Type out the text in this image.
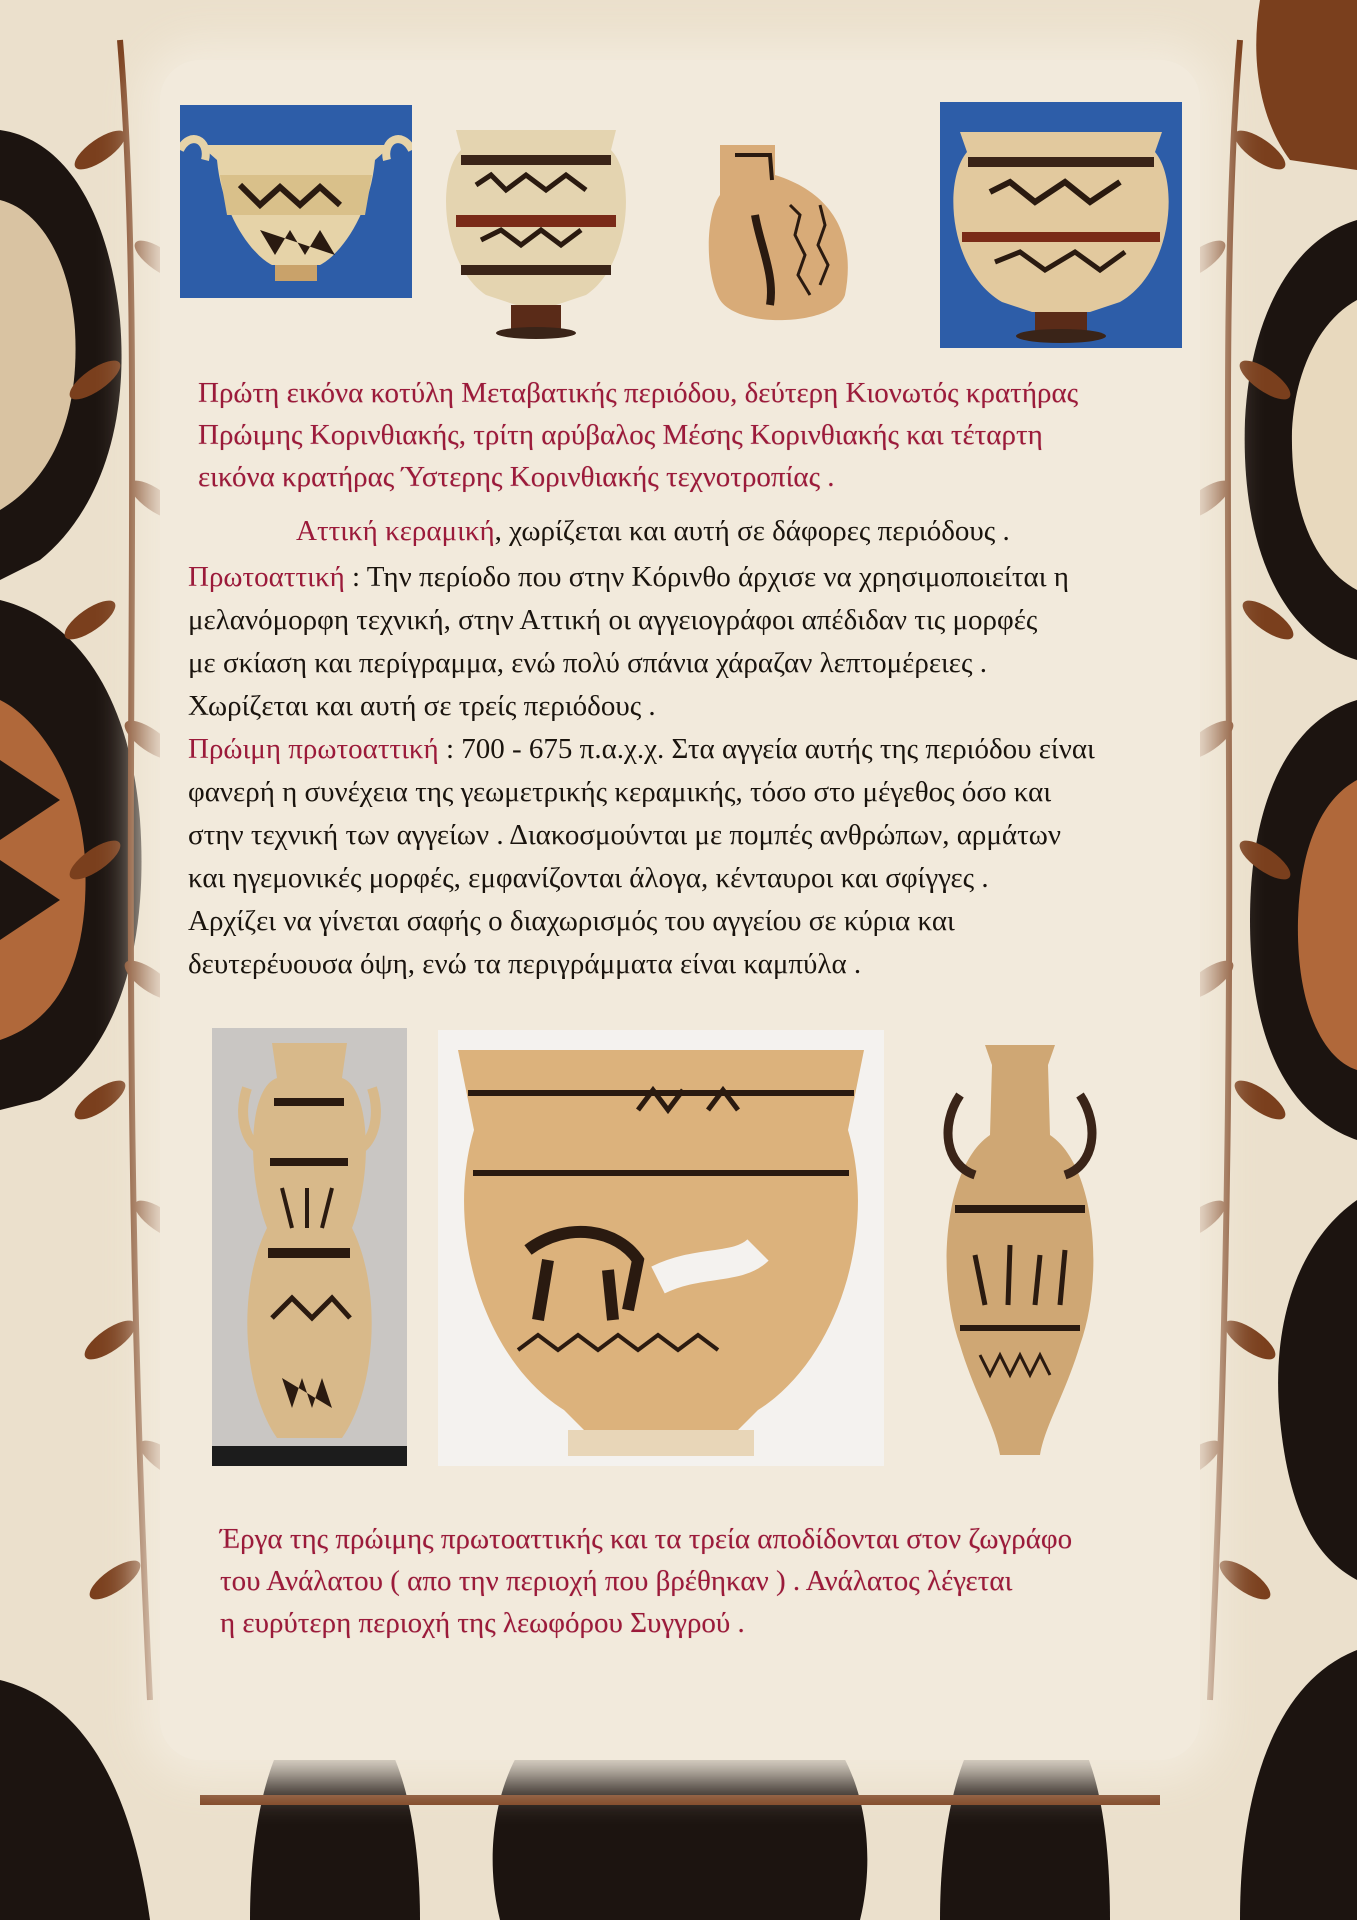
Πρώτη εικόνα κοτύλη Μεταβατικής περιόδου, δεύτερη Κιονωτός κρατήρας

Πρώιμης Κορινθιακής, τρίτη αρύβαλος Μέσης Κορινθιακής και τέταρτη

εικόνα κρατήρας Ύστερης Κορινθιακής τεχνοτροπίας .

Αττική κεραμική, χωρίζεται και αυτή σε δάφορες περιόδους .

Πρωτοαττική : Την περίοδο που στην Κόρινθο άρχισε να χρησιμοποιείται η

μελανόμορφη τεχνική, στην Αττική οι αγγειογράφοι απέδιδαν τις μορφές

με σκίαση και περίγραμμα, ενώ πολύ σπάνια χάραζαν λεπτομέρειες .

Χωρίζεται και αυτή σε τρείς περιόδους .

Πρώιμη πρωτοαττική : 700 - 675 π.α.χ.χ. Στα αγγεία αυτής της περιόδου είναι

φανερή η συνέχεια της γεωμετρικής κεραμικής, τόσο στο μέγεθος όσο και

στην τεχνική των αγγείων . Διακοσμούνται με πομπές ανθρώπων, αρμάτων

και ηγεμονικές μορφές, εμφανίζονται άλογα, κένταυροι και σφίγγες .

Αρχίζει να γίνεται σαφής ο διαχωρισμός του αγγείου σε κύρια και

δευτερέυουσα όψη, ενώ τα περιγράμματα είναι καμπύλα .

Έργα της πρώιμης πρωτοαττικής και τα τρεία αποδίδονται στον ζωγράφο

του Ανάλατου ( απο την περιοχή που βρέθηκαν ) . Ανάλατος λέγεται

η ευρύτερη περιοχή της λεωφόρου Συγγρού .
